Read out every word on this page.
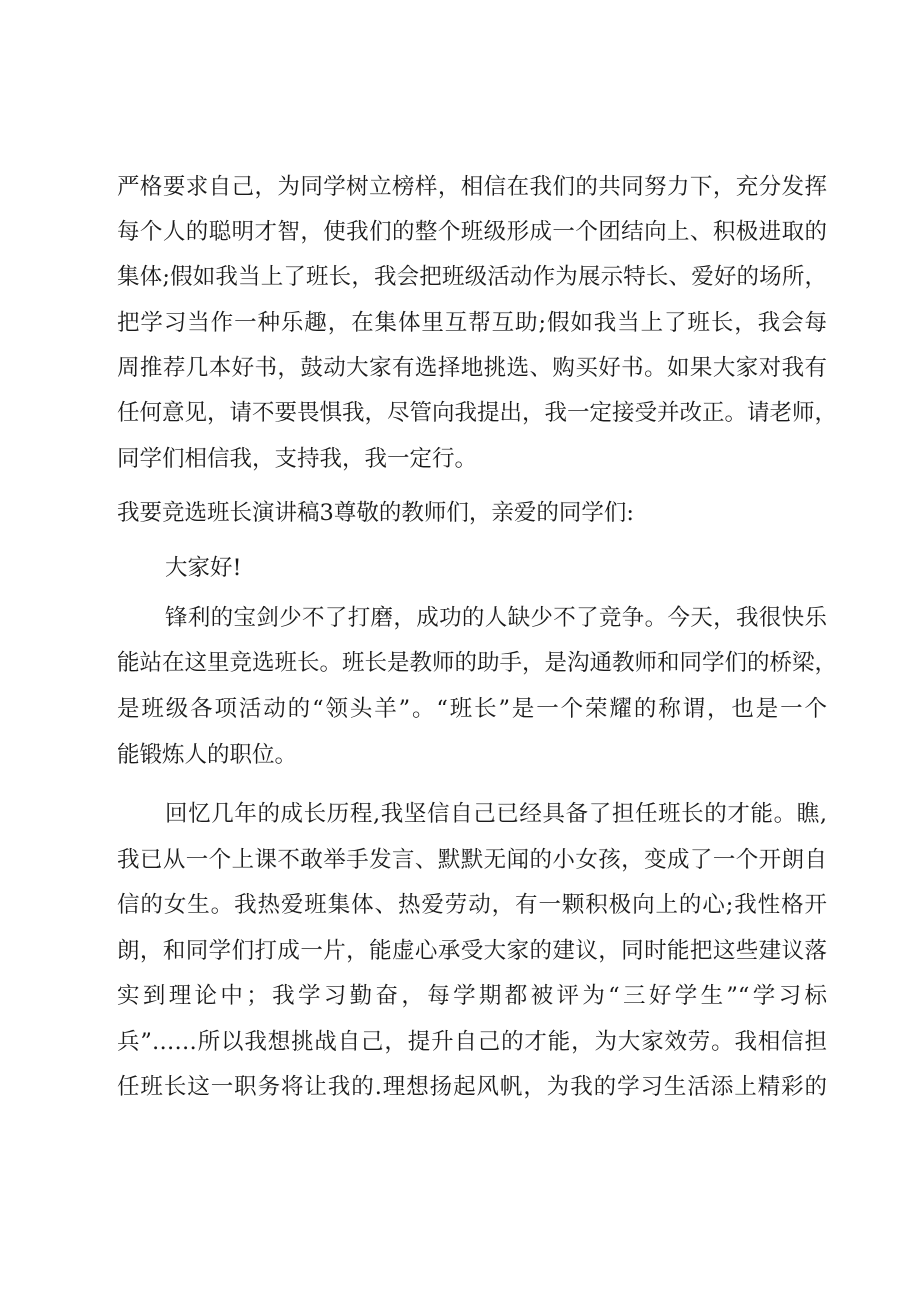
严格要求自己，为同学树立榜样，相信在我们的共同努力下，充分发挥
每个人的聪明才智，使我们的整个班级形成一个团结向上、积极进取的
集体;假如我当上了班长，我会把班级活动作为展示特长、爱好的场所，
把学习当作一种乐趣，在集体里互帮互助;假如我当上了班长，我会每
周推荐几本好书，鼓动大家有选择地挑选、购买好书。如果大家对我有
任何意见，请不要畏惧我，尽管向我提出，我一定接受并改正。请老师，
同学们相信我，支持我，我一定行。
我要竞选班长演讲稿3尊敬的教师们，亲爱的同学们:
大家好!
锋利的宝剑少不了打磨，成功的人缺少不了竞争。今天，我很快乐
能站在这里竞选班长。班长是教师的助手，是沟通教师和同学们的桥梁，
是班级各项活动的“领头羊”。“班长”是一个荣耀的称谓，也是一个
能锻炼人的职位。
回忆几年的成长历程,我坚信自己已经具备了担任班长的才能。瞧,
我已从一个上课不敢举手发言、默默无闻的小女孩，变成了一个开朗自
信的女生。我热爱班集体、热爱劳动，有一颗积极向上的心;我性格开
朗，和同学们打成一片，能虚心承受大家的建议，同时能把这些建议落
实到理论中；我学习勤奋，每学期都被评为“三好学生”“学习标
兵”……所以我想挑战自己，提升自己的才能，为大家效劳。我相信担
任班长这一职务将让我的.理想扬起风帆，为我的学习生活添上精彩的
